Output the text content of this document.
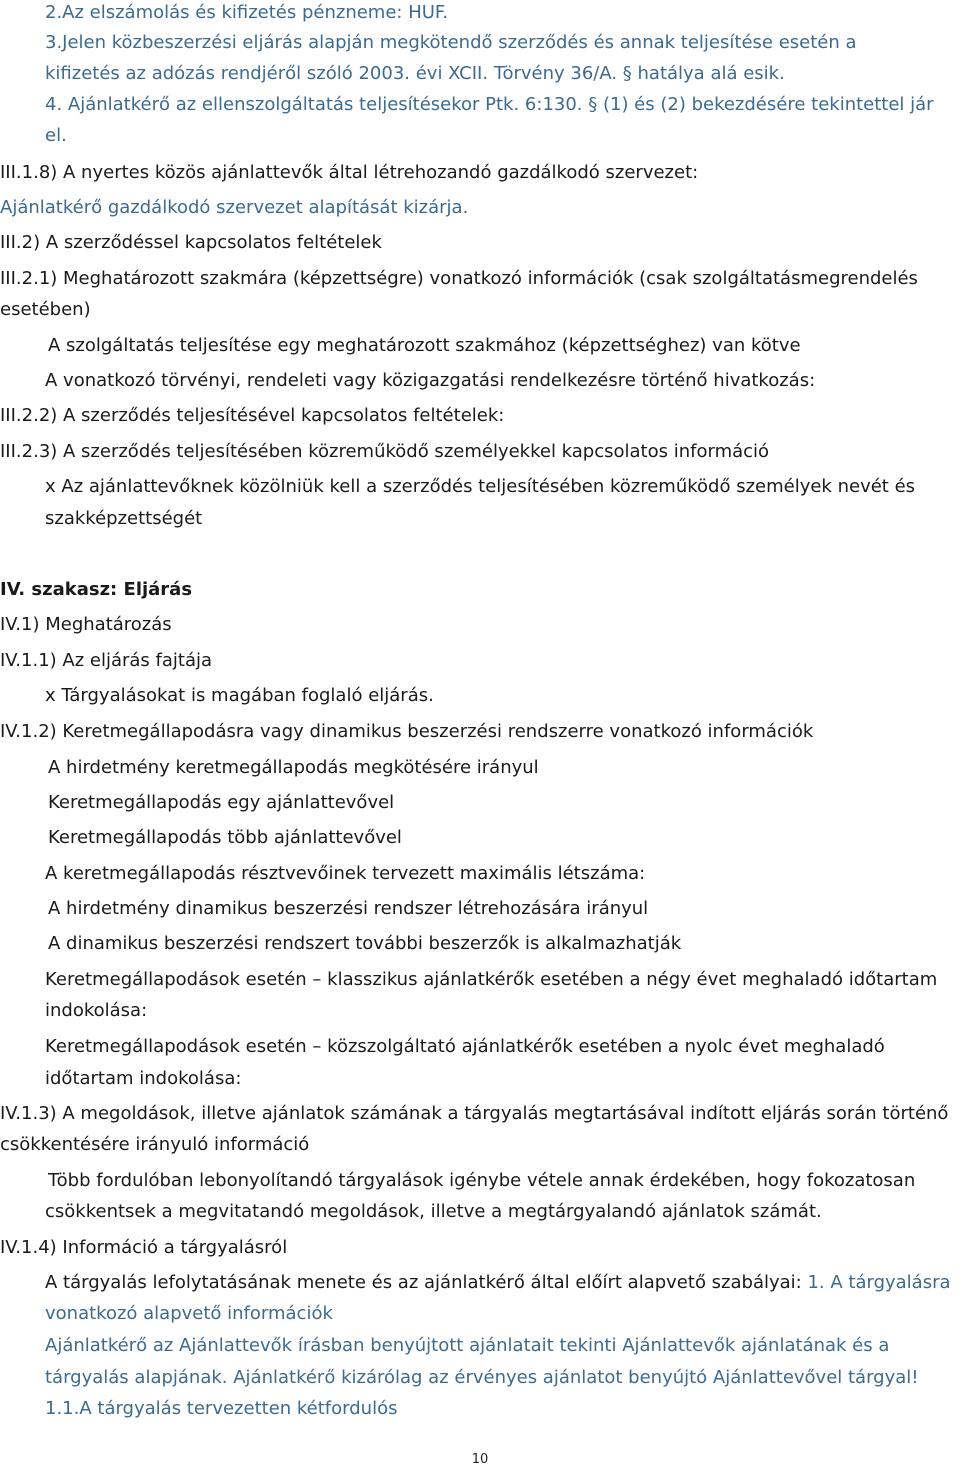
2.Az elszámolás és kifizetés pénzneme: HUF.
3.Jelen közbeszerzési eljárás alapján megkötendő szerződés és annak teljesítése esetén a
kifizetés az adózás rendjéről szóló 2003. évi XCII. Törvény 36/A. § hatálya alá esik.
4. Ajánlatkérő az ellenszolgáltatás teljesítésekor Ptk. 6:130. § (1) és (2) bekezdésére tekintettel jár
el.
III.1.8) A nyertes közös ajánlattevők által létrehozandó gazdálkodó szervezet:
Ajánlatkérő gazdálkodó szervezet alapítását kizárja.
III.2) A szerződéssel kapcsolatos feltételek
III.2.1) Meghatározott szakmára (képzettségre) vonatkozó információk (csak szolgáltatásmegrendelés
esetében)
A szolgáltatás teljesítése egy meghatározott szakmához (képzettséghez) van kötve
A vonatkozó törvényi, rendeleti vagy közigazgatási rendelkezésre történő hivatkozás:
III.2.2) A szerződés teljesítésével kapcsolatos feltételek:
III.2.3) A szerződés teljesítésében közreműködő személyekkel kapcsolatos információ
x Az ajánlattevőknek közölniük kell a szerződés teljesítésében közreműködő személyek nevét és
szakképzettségét
IV. szakasz: Eljárás
IV.1) Meghatározás
IV.1.1) Az eljárás fajtája
x Tárgyalásokat is magában foglaló eljárás.
IV.1.2) Keretmegállapodásra vagy dinamikus beszerzési rendszerre vonatkozó információk
A hirdetmény keretmegállapodás megkötésére irányul
Keretmegállapodás egy ajánlattevővel
Keretmegállapodás több ajánlattevővel
A keretmegállapodás résztvevőinek tervezett maximális létszáma:
A hirdetmény dinamikus beszerzési rendszer létrehozására irányul
A dinamikus beszerzési rendszert további beszerzők is alkalmazhatják
Keretmegállapodások esetén – klasszikus ajánlatkérők esetében a négy évet meghaladó időtartam
indokolása:
Keretmegállapodások esetén – közszolgáltató ajánlatkérők esetében a nyolc évet meghaladó
időtartam indokolása:
IV.1.3) A megoldások, illetve ajánlatok számának a tárgyalás megtartásával indított eljárás során történő
csökkentésére irányuló információ
Több fordulóban lebonyolítandó tárgyalások igénybe vétele annak érdekében, hogy fokozatosan
csökkentsek a megvitatandó megoldások, illetve a megtárgyalandó ajánlatok számát.
IV.1.4) Információ a tárgyalásról
A tárgyalás lefolytatásának menete és az ajánlatkérő által előírt alapvető szabályai: 1. A tárgyalásra
vonatkozó alapvető információk
Ajánlatkérő az Ajánlattevők írásban benyújtott ajánlatait tekinti Ajánlattevők ajánlatának és a
tárgyalás alapjának. Ajánlatkérő kizárólag az érvényes ajánlatot benyújtó Ajánlattevővel tárgyal!
1.1.A tárgyalás tervezetten kétfordulós
10
